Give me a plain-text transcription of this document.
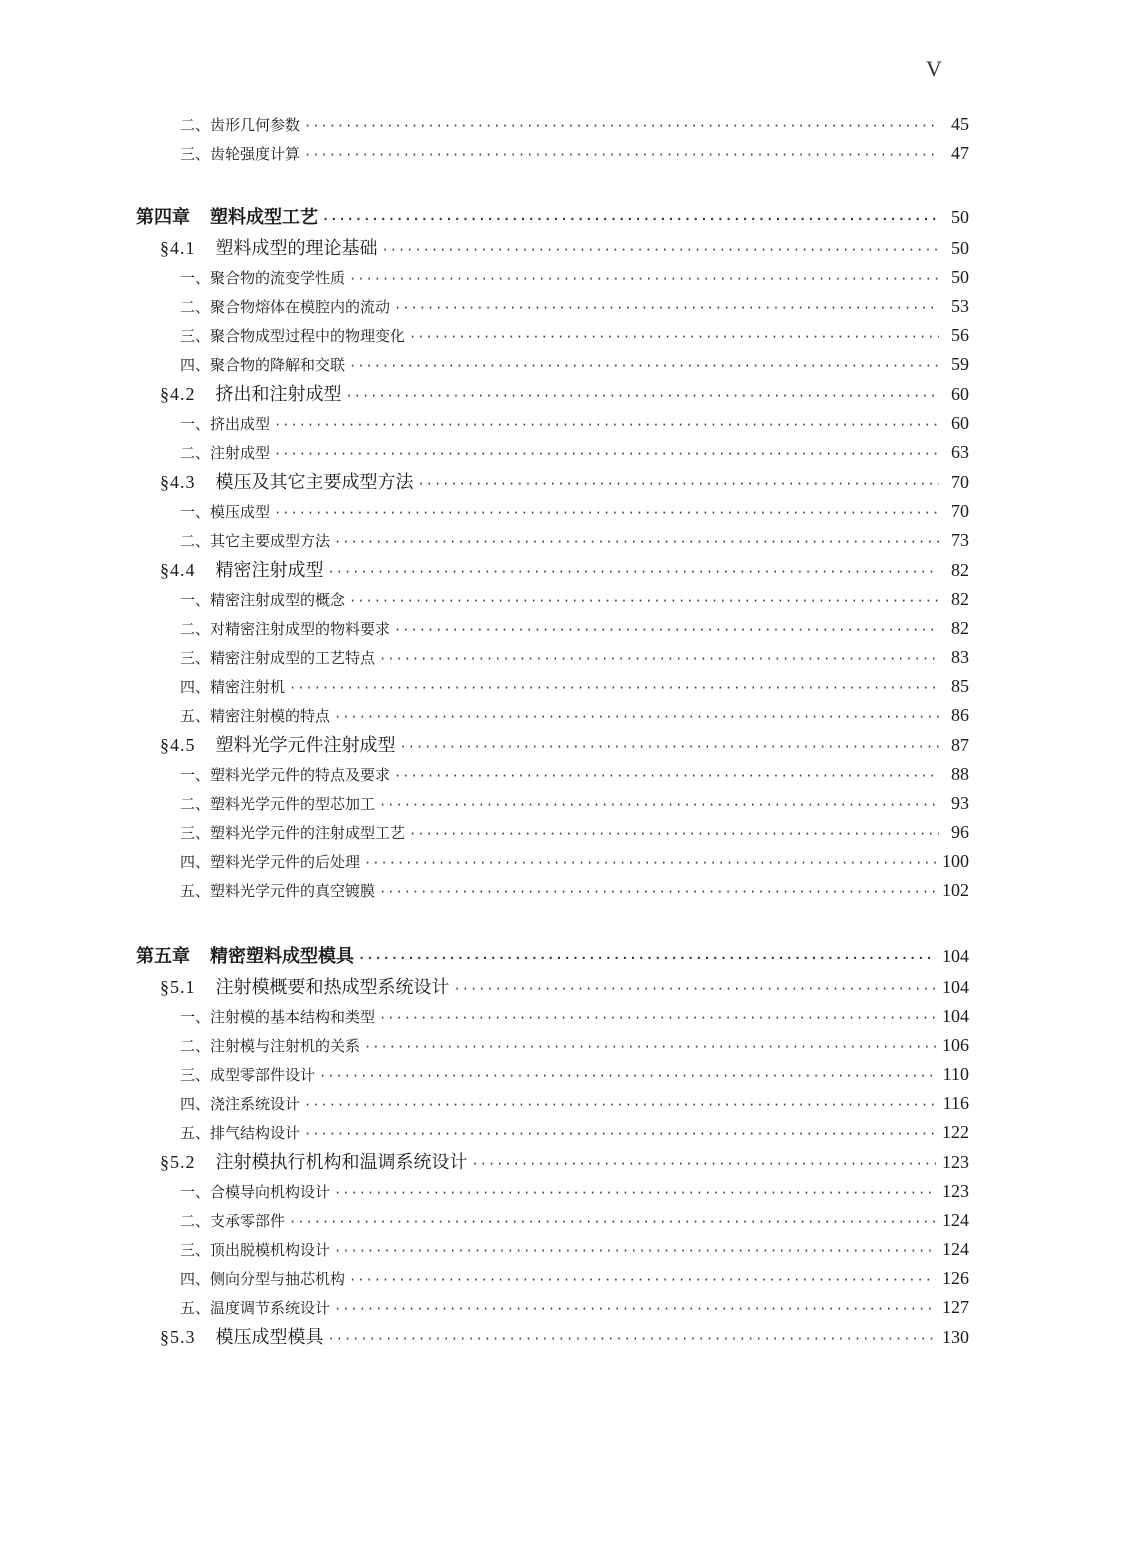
V
二、齿形几何参数 ·····	45
三、齿轮强度计算 ·····	47
第四章 塑料成型工艺 ·····	50
§4.1 塑料成型的理论基础 ·····	50
一、聚合物的流变学性质 ·····	50
二、聚合物熔体在模腔内的流动 ·····	53
三、聚合物成型过程中的物理变化 ·····	56
四、聚合物的降解和交联 ·····	59
§4.2 挤出和注射成型 ·····	60
一、挤出成型 ·····	60
二、注射成型 ·····	63
§4.3 模压及其它主要成型方法 ·····	70
一、模压成型 ·····	70
二、其它主要成型方法 ·····	73
§4.4 精密注射成型 ·····	82
一、精密注射成型的概念 ·····	82
二、对精密注射成型的物料要求 ·····	82
三、精密注射成型的工艺特点 ·····	83
四、精密注射机 ·····	85
五、精密注射模的特点 ·····	86
§4.5 塑料光学元件注射成型 ·····	87
一、塑料光学元件的特点及要求 ·····	88
二、塑料光学元件的型芯加工 ·····	93
三、塑料光学元件的注射成型工艺 ·····	96
四、塑料光学元件的后处理 ·····	100
五、塑料光学元件的真空镀膜 ·····	102
第五章 精密塑料成型模具 ·····	104
§5.1 注射模概要和热成型系统设计 ·····	104
一、注射模的基本结构和类型 ·····	104
二、注射模与注射机的关系 ·····	106
三、成型零部件设计 ·····	110
四、浇注系统设计 ·····	116
五、排气结构设计 ·····	122
§5.2 注射模执行机构和温调系统设计 ·····	123
一、合模导向机构设计 ·····	123
二、支承零部件 ·····	124
三、顶出脱模机构设计 ·····	124
四、侧向分型与抽芯机构 ·····	126
五、温度调节系统设计 ·····	127
§5.3 模压成型模具 ·····	130
